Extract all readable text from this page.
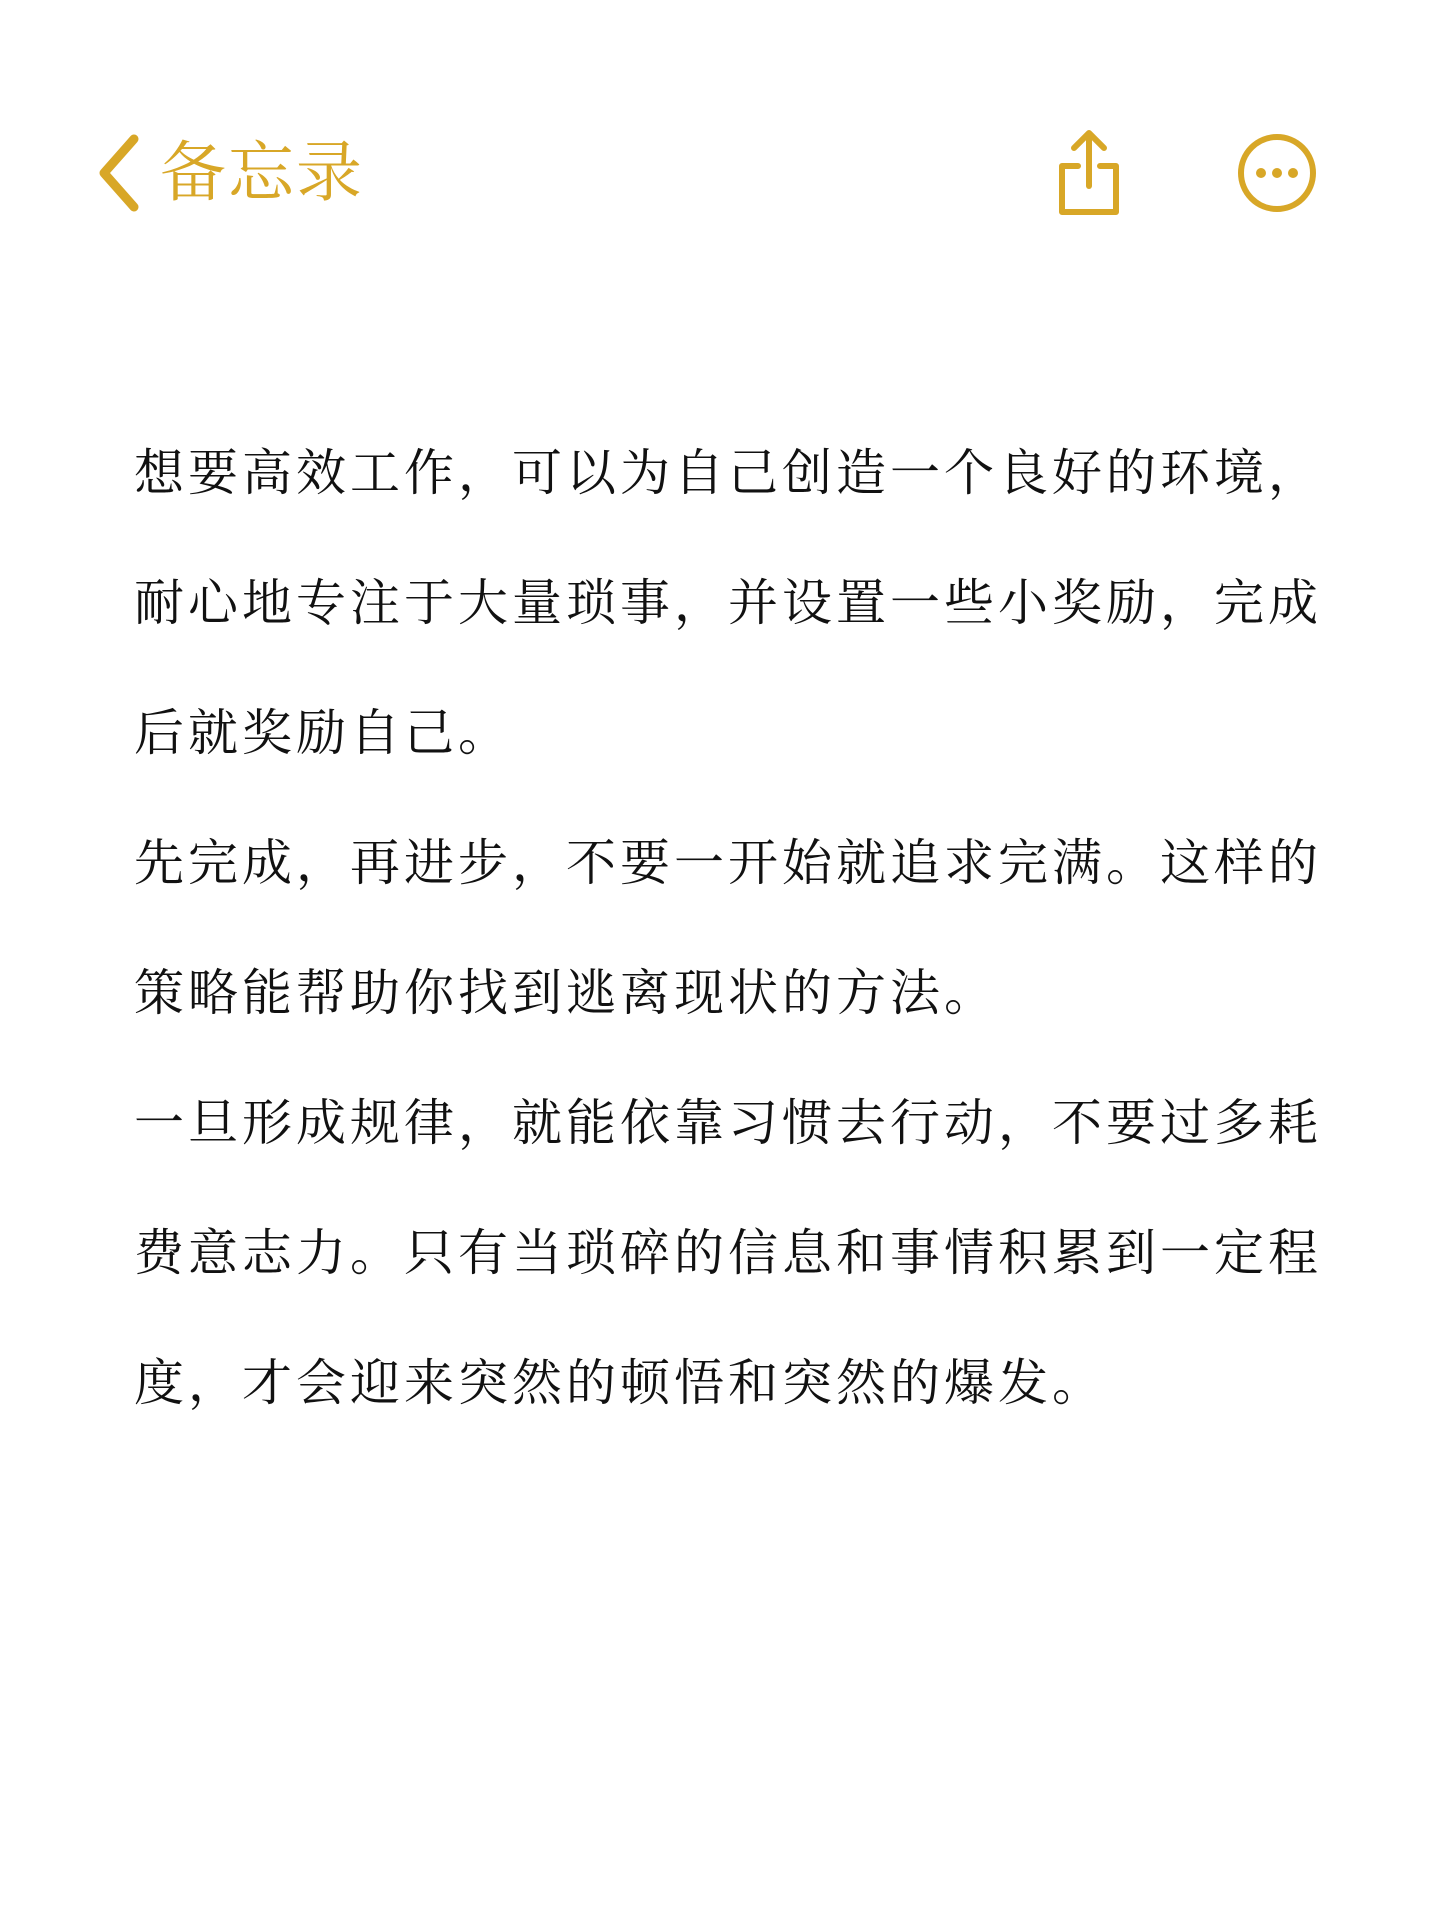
备忘录

想要高效工作，可以为自己创造一个良好的环境，
耐心地专注于大量琐事，并设置一些小奖励，完成
后就奖励自己。

先完成，再进步，不要一开始就追求完满。这样的
策略能帮助你找到逃离现状的方法。

一旦形成规律，就能依靠习惯去行动，不要过多耗
费意志力。只有当琐碎的信息和事情积累到一定程
度，才会迎来突然的顿悟和突然的爆发。
